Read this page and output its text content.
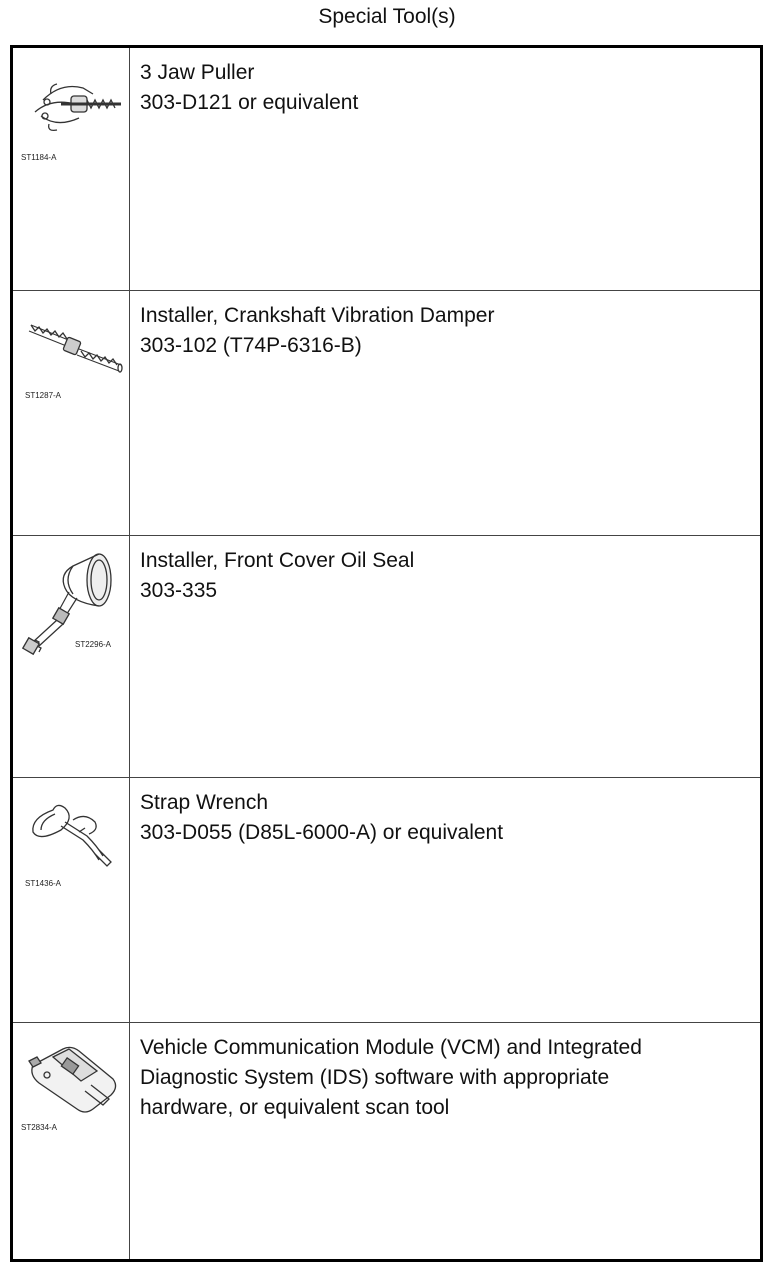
Special Tool(s)
ST1184-A
3 Jaw Puller
303-D121 or equivalent
ST1287-A
Installer, Crankshaft Vibration Damper
303-102 (T74P-6316-B)
ST2296-A
Installer, Front Cover Oil Seal
303-335
ST1436-A
Strap Wrench
303-D055 (D85L-6000-A) or equivalent
ST2834-A
Vehicle Communication Module (VCM) and Integrated
Diagnostic System (IDS) software with appropriate
hardware, or equivalent scan tool
